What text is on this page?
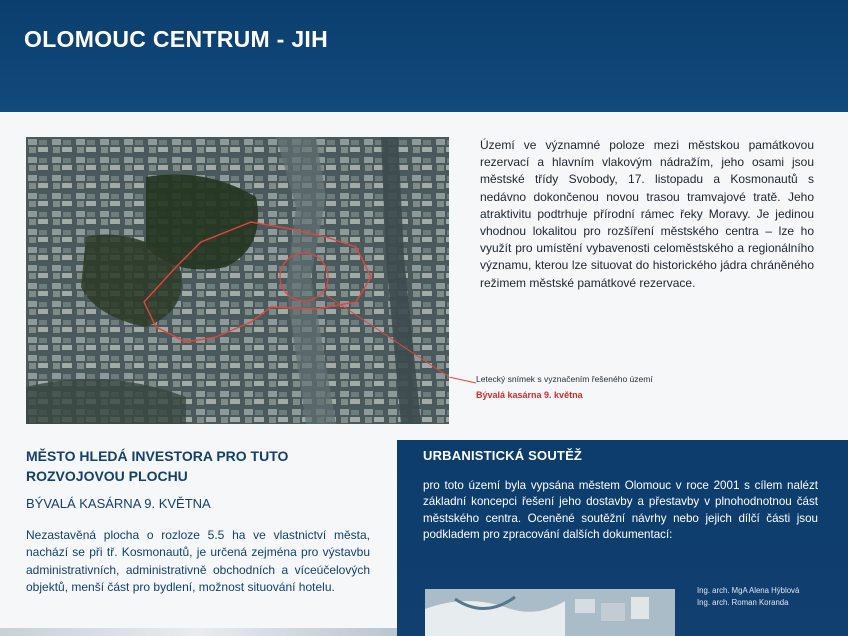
OLOMOUC CENTRUM - JIH
Území ve významné poloze mezi městskou památkovou rezervací a hlavním vlakovým nádražím, jeho osami jsou městské třídy Svobody, 17. listopadu a Kosmonautů s nedávno dokončenou novou trasou tramvajové tratě. Jeho atraktivitu podtrhuje přírodní rámec řeky Moravy. Je jedinou vhodnou lokalitou pro rozšíření městského centra – lze ho využít pro umístění vybavenosti celoměstského a regionálního významu, kterou lze situovat do historického jádra chráněného režimem městské památkové rezervace.
Letecký snímek s vyznačením řešeného území
Bývalá kasárna 9. května
MĚSTO HLEDÁ INVESTORA PRO TUTO ROZVOJOVOU PLOCHU
BÝVALÁ KASÁRNA 9. KVĚTNA
Nezastavěná plocha o rozloze 5.5 ha ve vlastnictví města, nachází se při tř. Kosmonautů, je určená zejména pro výstavbu administrativních, administrativně obchodních a víceúčelových objektů, menší část pro bydlení, možnost situování hotelu.
URBANISTICKÁ SOUTĚŽ
pro toto území byla vypsána městem Olomouc v roce 2001 s cílem nalézt základní koncepci řešení jeho dostavby a přestavby v plnohodnotnou část městského centra. Oceněné soutěžní návrhy nebo jejich dílčí části jsou podkladem pro zpracování dalších dokumentací:
Ing. arch. MgA Alena Hýblová
Ing. arch. Roman Koranda
